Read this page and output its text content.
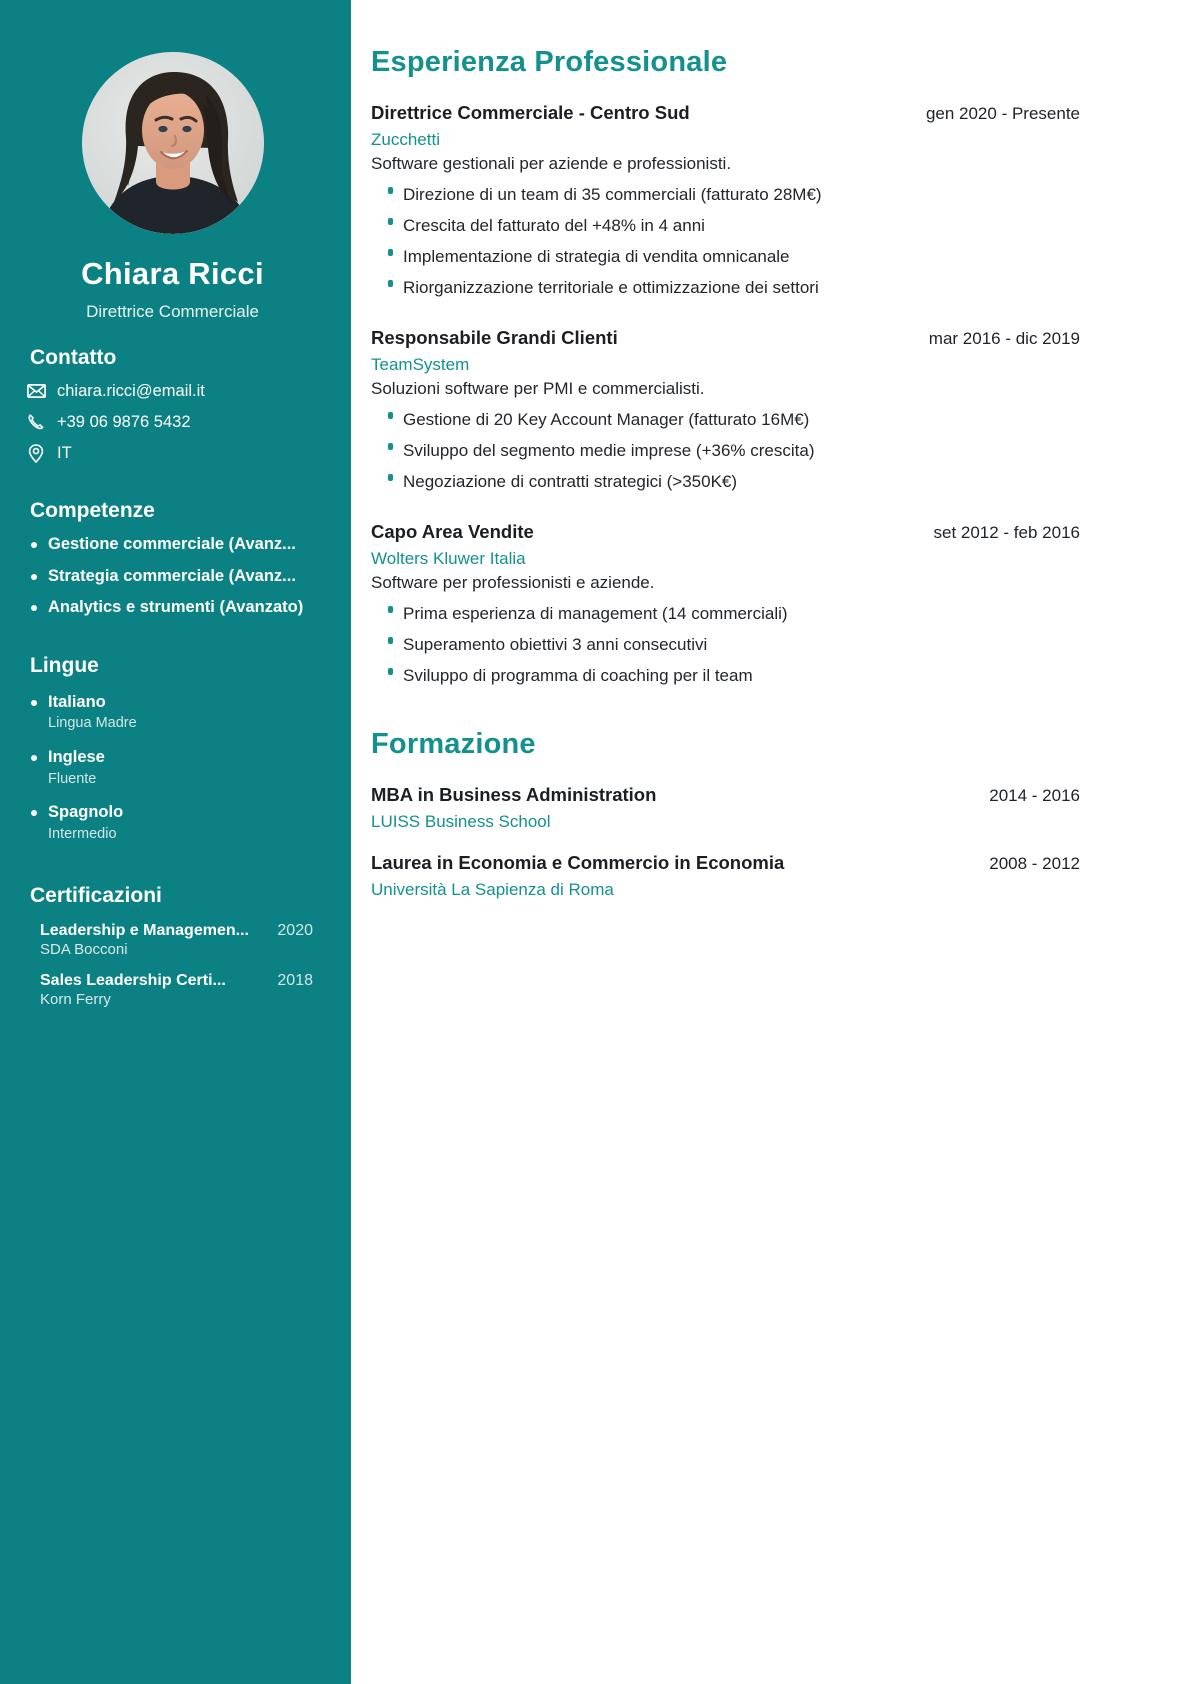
Chiara Ricci
Direttrice Commerciale
Contatto
chiara.ricci@email.it
+39 06 9876 5432
IT
Competenze
Gestione commerciale (Avanz...
Strategia commerciale (Avanz...
Analytics e strumenti (Avanzato)
Lingue
Italiano
Lingua Madre
Inglese
Fluente
Spagnolo
Intermedio
Certificazioni
Leadership e Managemen... 2020
SDA Bocconi
Sales Leadership Certi...	2018
Korn Ferry
Esperienza Professionale
Direttrice Commerciale - Centro Sud	gen 2020 - Presente
Zucchetti
Software gestionali per aziende e professionisti.
Direzione di un team di 35 commerciali (fatturato 28M€)
Crescita del fatturato del +48% in 4 anni
Implementazione di strategia di vendita omnicanale
Riorganizzazione territoriale e ottimizzazione dei settori
Responsabile Grandi Clienti	mar 2016 - dic 2019
TeamSystem
Soluzioni software per PMI e commercialisti.
Gestione di 20 Key Account Manager (fatturato 16M€)
Sviluppo del segmento medie imprese (+36% crescita)
Negoziazione di contratti strategici (>350K€)
Capo Area Vendite	set 2012 - feb 2016
Wolters Kluwer Italia
Software per professionisti e aziende.
Prima esperienza di management (14 commerciali)
Superamento obiettivi 3 anni consecutivi
Sviluppo di programma di coaching per il team
Formazione
MBA in Business Administration	2014 - 2016
LUISS Business School
Laurea in Economia e Commercio in Economia	2008 - 2012
Università La Sapienza di Roma
